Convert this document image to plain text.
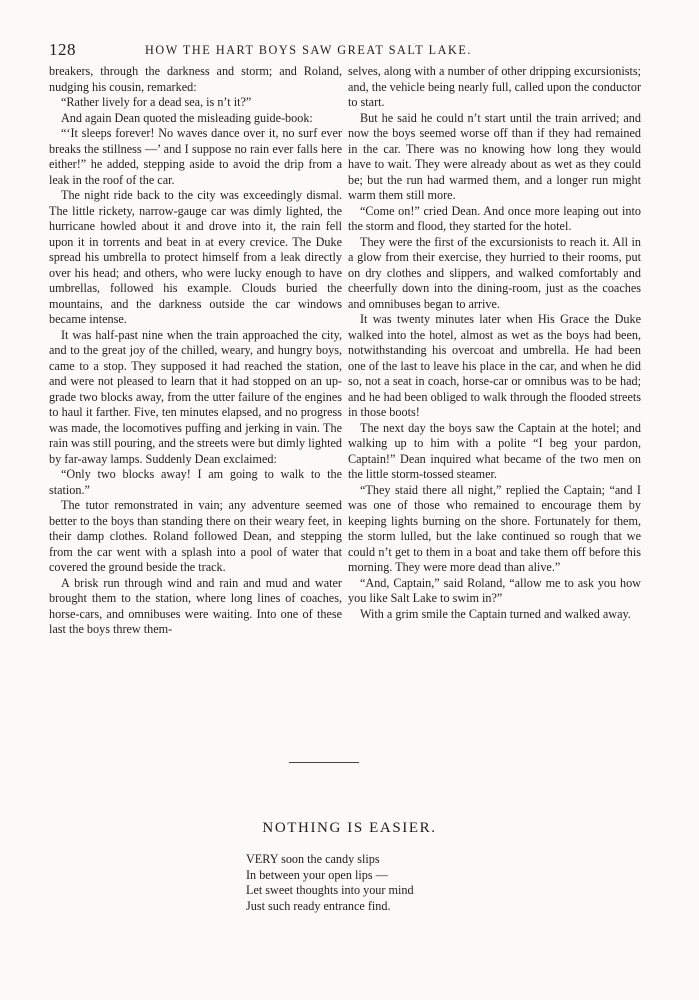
128	HOW THE HART BOYS SAW GREAT SALT LAKE.

breakers, through the darkness and storm; and Roland, nudging his cousin, remarked:

“Rather lively for a dead sea, is n’t it?”

And again Dean quoted the misleading guide-book:

“‘It sleeps forever! No waves dance over it, no surf ever breaks the stillness —’ and I suppose no rain ever falls here either!” he added, stepping aside to avoid the drip from a leak in the roof of the car.

The night ride back to the city was exceedingly dismal. The little rickety, narrow-gauge car was dimly lighted, the hurricane howled about it and drove into it, the rain fell upon it in torrents and beat in at every crevice. The Duke spread his umbrella to protect himself from a leak directly over his head; and others, who were lucky enough to have umbrellas, followed his example. Clouds buried the mountains, and the darkness outside the car windows became intense.

It was half-past nine when the train approached the city, and to the great joy of the chilled, weary, and hungry boys, came to a stop. They supposed it had reached the station, and were not pleased to learn that it had stopped on an up-grade two blocks away, from the utter failure of the engines to haul it farther. Five, ten minutes elapsed, and no progress was made, the locomotives puffing and jerking in vain. The rain was still pouring, and the streets were but dimly lighted by far-away lamps. Suddenly Dean exclaimed:

“Only two blocks away! I am going to walk to the station.”

The tutor remonstrated in vain; any adventure seemed better to the boys than standing there on their weary feet, in their damp clothes. Roland followed Dean, and stepping from the car went with a splash into a pool of water that covered the ground beside the track.

A brisk run through wind and rain and mud and water brought them to the station, where long lines of coaches, horse-cars, and omnibuses were waiting. Into one of these last the boys threw them-

selves, along with a number of other dripping excursionists; and, the vehicle being nearly full, called upon the conductor to start.

But he said he could n’t start until the train arrived; and now the boys seemed worse off than if they had remained in the car. There was no knowing how long they would have to wait. They were already about as wet as they could be; but the run had warmed them, and a longer run might warm them still more.

“Come on!” cried Dean. And once more leaping out into the storm and flood, they started for the hotel.

They were the first of the excursionists to reach it. All in a glow from their exercise, they hurried to their rooms, put on dry clothes and slippers, and walked comfortably and cheerfully down into the dining-room, just as the coaches and omnibuses began to arrive.

It was twenty minutes later when His Grace the Duke walked into the hotel, almost as wet as the boys had been, notwithstanding his overcoat and umbrella. He had been one of the last to leave his place in the car, and when he did so, not a seat in coach, horse-car or omnibus was to be had; and he had been obliged to walk through the flooded streets in those boots!

The next day the boys saw the Captain at the hotel; and walking up to him with a polite “I beg your pardon, Captain!” Dean inquired what became of the two men on the little storm-tossed steamer.

“They staid there all night,” replied the Captain; “and I was one of those who remained to encourage them by keeping lights burning on the shore. Fortunately for them, the storm lulled, but the lake continued so rough that we could n’t get to them in a boat and take them off before this morning. They were more dead than alive.”

“And, Captain,” said Roland, “allow me to ask you how you like Salt Lake to swim in?”

With a grim smile the Captain turned and walked away.

NOTHING IS EASIER.
VERY soon the candy slips
In between your open lips —
Let sweet thoughts into your mind
Just such ready entrance find.
